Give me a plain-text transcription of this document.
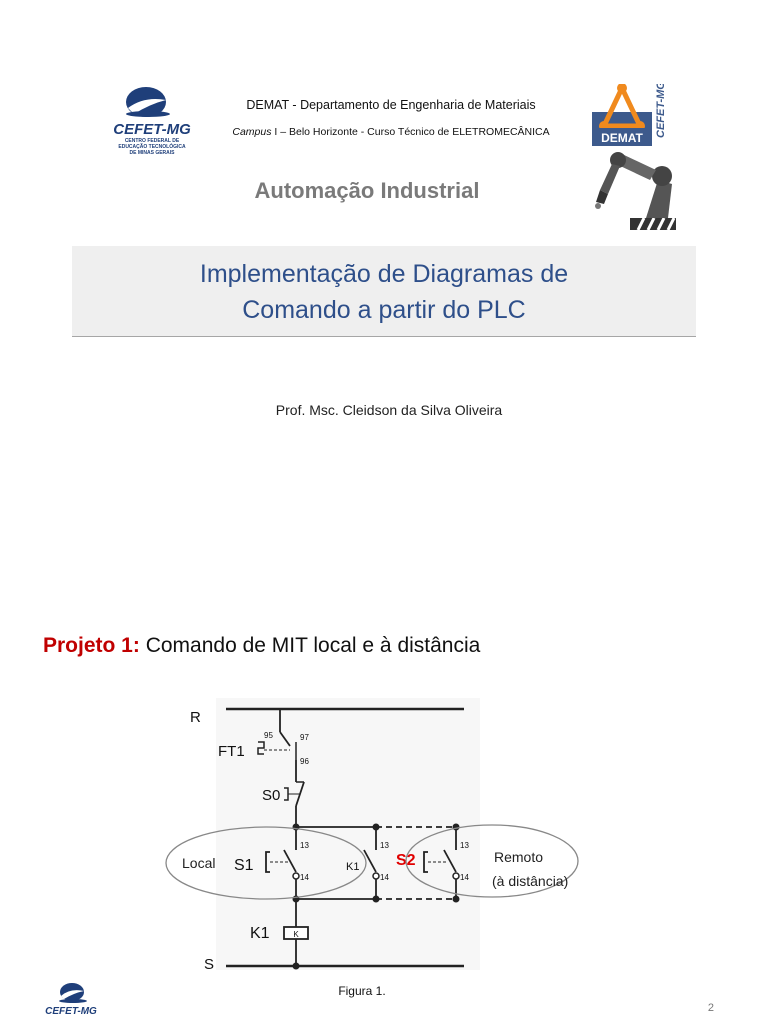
CEFET-MG
CENTRO FEDERAL DE
EDUCAÇÃO TECNOLÓGICA
DE MINAS GERAIS
DEMAT - Departamento de Engenharia de Materiais
Campus I – Belo Horizonte - Curso Técnico de ELETROMECÂNICA
Automação Industrial
DEMAT CEFET-MG
Implementação de Diagramas de
Comando a partir do PLC
Prof. Msc. Cleidson da Silva Oliveira
Projeto 1: Comando de MIT local e à distância
R
95	97
96
FT1
S0
13
14
S1
Local
13
14
K1
13
14
S2	Remoto
(à distância)
K
K1
S
Figura 1.
CEFET-MG	2
